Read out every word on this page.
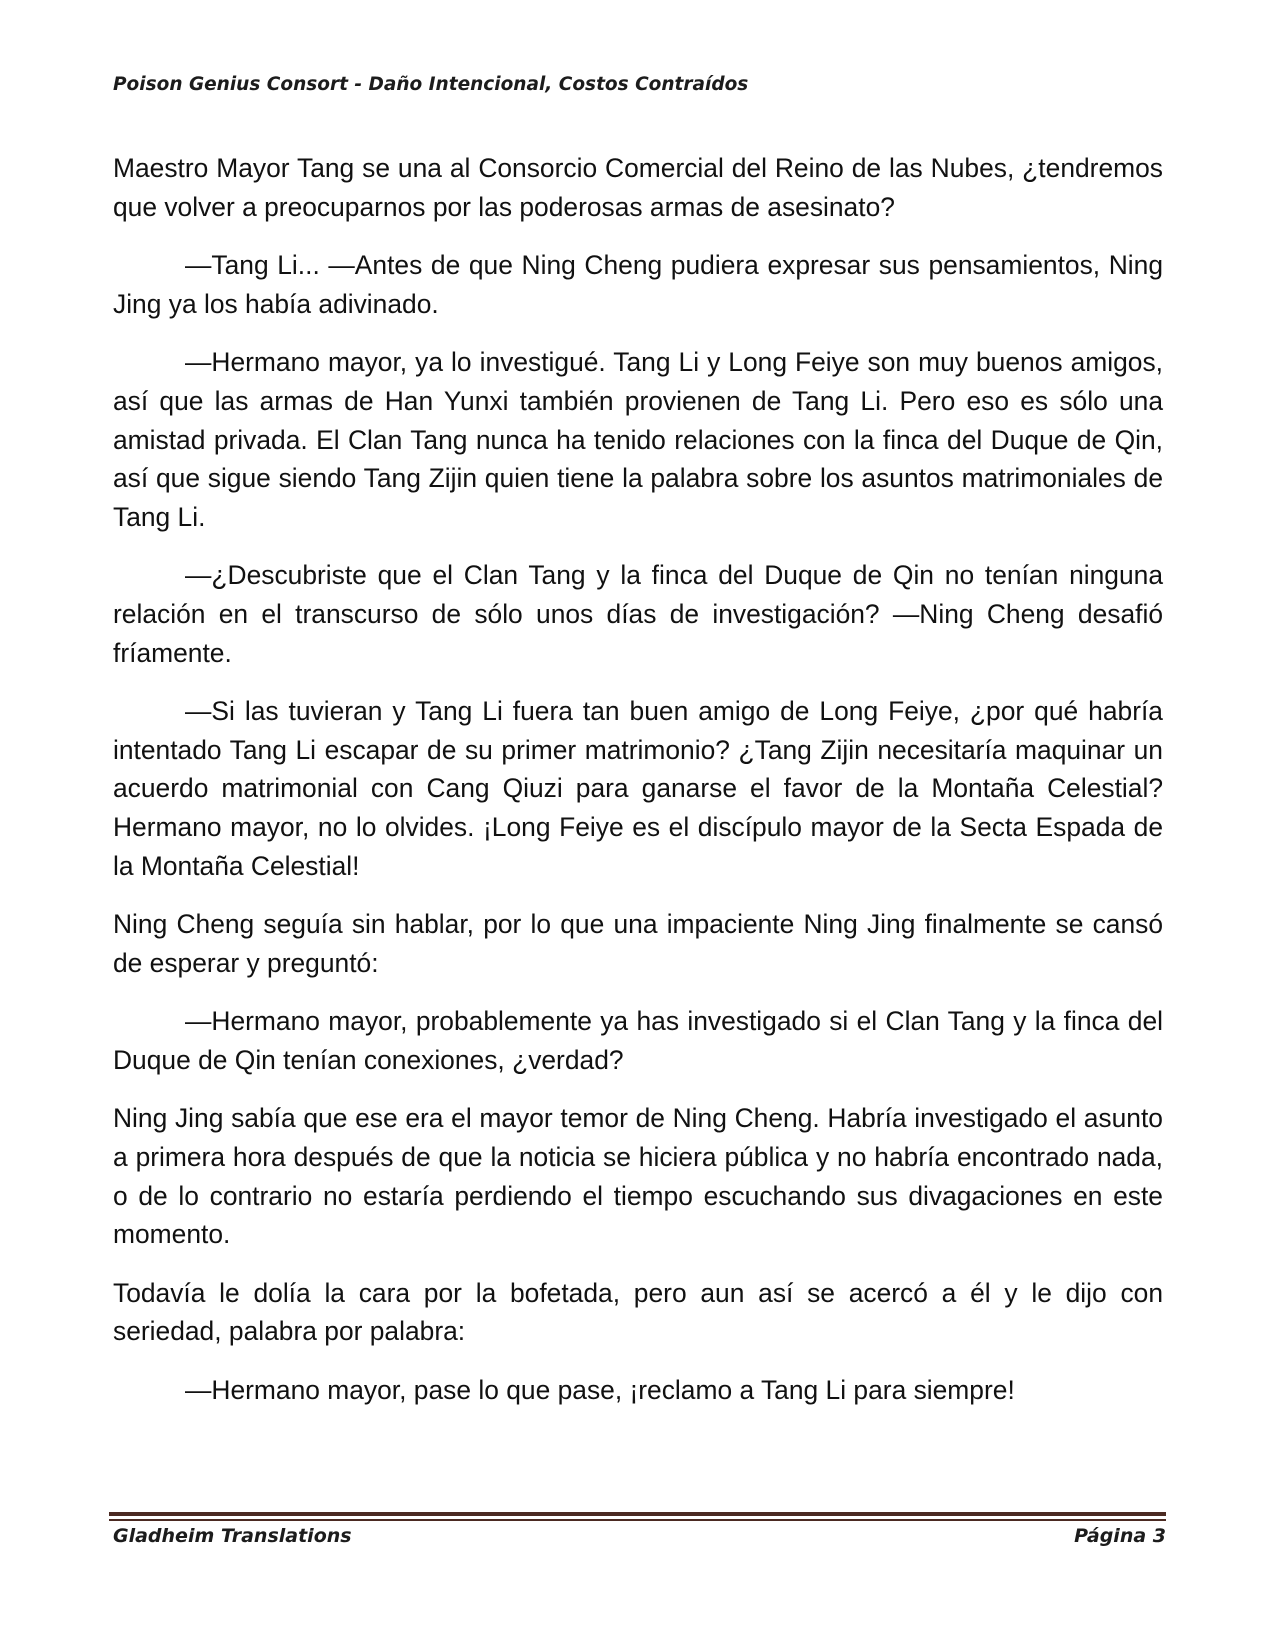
Poison Genius Consort - Daño Intencional, Costos Contraídos

Maestro Mayor Tang se una al Consorcio Comercial del Reino de las Nubes, ¿tendremos que volver a preocuparnos por las poderosas armas de asesinato?

—Tang Li... —Antes de que Ning Cheng pudiera expresar sus pensamientos, Ning Jing ya los había adivinado.

—Hermano mayor, ya lo investigué. Tang Li y Long Feiye son muy buenos amigos, así que las armas de Han Yunxi también provienen de Tang Li. Pero eso es sólo una amistad privada. El Clan Tang nunca ha tenido relaciones con la finca del Duque de Qin, así que sigue siendo Tang Zijin quien tiene la palabra sobre los asuntos matrimoniales de Tang Li.

—¿Descubriste que el Clan Tang y la finca del Duque de Qin no tenían ninguna relación en el transcurso de sólo unos días de investigación? —Ning Cheng desafió fríamente.

—Si las tuvieran y Tang Li fuera tan buen amigo de Long Feiye, ¿por qué habría intentado Tang Li escapar de su primer matrimonio? ¿Tang Zijin necesitaría maquinar un acuerdo matrimonial con Cang Qiuzi para ganarse el favor de la Montaña Celestial? Hermano mayor, no lo olvides. ¡Long Feiye es el discípulo mayor de la Secta Espada de la Montaña Celestial!

Ning Cheng seguía sin hablar, por lo que una impaciente Ning Jing finalmente se cansó de esperar y preguntó:

—Hermano mayor, probablemente ya has investigado si el Clan Tang y la finca del Duque de Qin tenían conexiones, ¿verdad?

Ning Jing sabía que ese era el mayor temor de Ning Cheng. Habría investigado el asunto a primera hora después de que la noticia se hiciera pública y no habría encontrado nada, o de lo contrario no estaría perdiendo el tiempo escuchando sus divagaciones en este momento.

Todavía le dolía la cara por la bofetada, pero aun así se acercó a él y le dijo con seriedad, palabra por palabra:

—Hermano mayor, pase lo que pase, ¡reclamo a Tang Li para siempre!

Gladheim Translations	Página 3
